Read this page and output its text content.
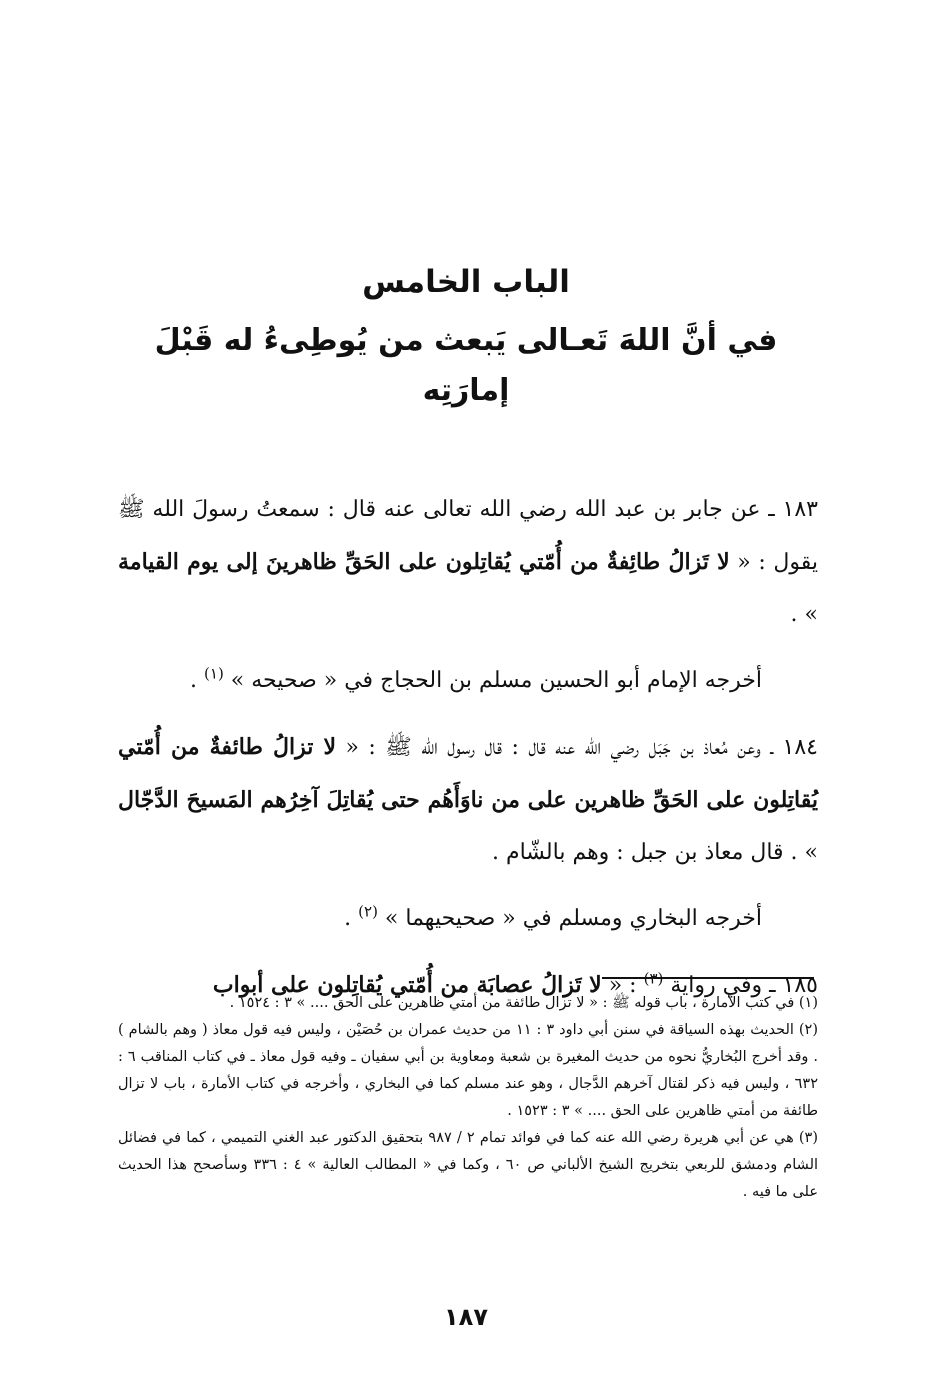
الباب الخامس
في أنَّ اللهَ تَعـالى يَبعث من يُوطِىءُ له قَبْلَ إمارَتِه

١٨٣ ـ عن جابر بن عبد الله رضي الله تعالى عنه قال : سمعتُ رسولَ الله ﷺ يقول : « لا تَزالُ طائِفةٌ من أُمّتي يُقاتِلون على الحَقِّ ظاهرينَ إلى يوم القيامة » .

أخرجه الإمام أبو الحسين مسلم بن الحجاج في « صحيحه » $^{(١)}$ .

١٨٤ ـ وعن مُعاذ بن جَبَل رضي الله عنه قال : قال رسول الله ﷺ : « لا تزالُ طائفةٌ من أُمّتي يُقاتِلون على الحَقِّ ظاهرين على من ناوَأَهُم حتى يُقاتِلَ آخِرُهم المَسيحَ الدَّجّال » . قال معاذ بن جبل : وهم بالشّام .

أخرجه البخاري ومسلم في « صحيحيهما » $^{(٢)}$ .

١٨٥ ـ وفي رواية $^{(٣)}$ : « لا تَزالُ عصابَة من أُمّتي يُقاتِلون على أبواب

(١) في كتب الأمارة ، باب قوله ﷺ : « لا تزال طائفة من أمتي ظاهرين على الحق .... » ٣ : ١٥٢٤ .

(٢) الحديث بهذه السياقة في سنن أبي داود ٣ : ١١ من حديث عمران بن حُصَيْن ، وليس فيه قول معاذ ( وهم بالشام ) . وقد أخرج البُخاريُّ نحوه من حديث المغيرة بن شعبة ومعاوية بن أبي سفيان ـ وفيه قول معاذ ـ في كتاب المناقب ٦ : ٦٣٢ ، وليس فيه ذكر لقتال آخرهم الدَّجال ، وهو عند مسلم كما في البخاري ، وأخرجه في كتاب الأمارة ، باب لا تزال طائفة من أمتي ظاهرين على الحق .... » ٣ : ١٥٢٣ .

(٣) هي عن أبي هريرة رضي الله عنه كما في فوائد تمام ٢ / ٩٨٧ بتحقيق الدكتور عبد الغني التميمي ، كما في فضائل الشام ودمشق للربعي بتخريج الشيخ الألباني ص ٦٠ ، وكما في « المطالب العالية » ٤ : ٣٣٦ وسأصحح هذا الحديث على ما فيه .

١٨٧
